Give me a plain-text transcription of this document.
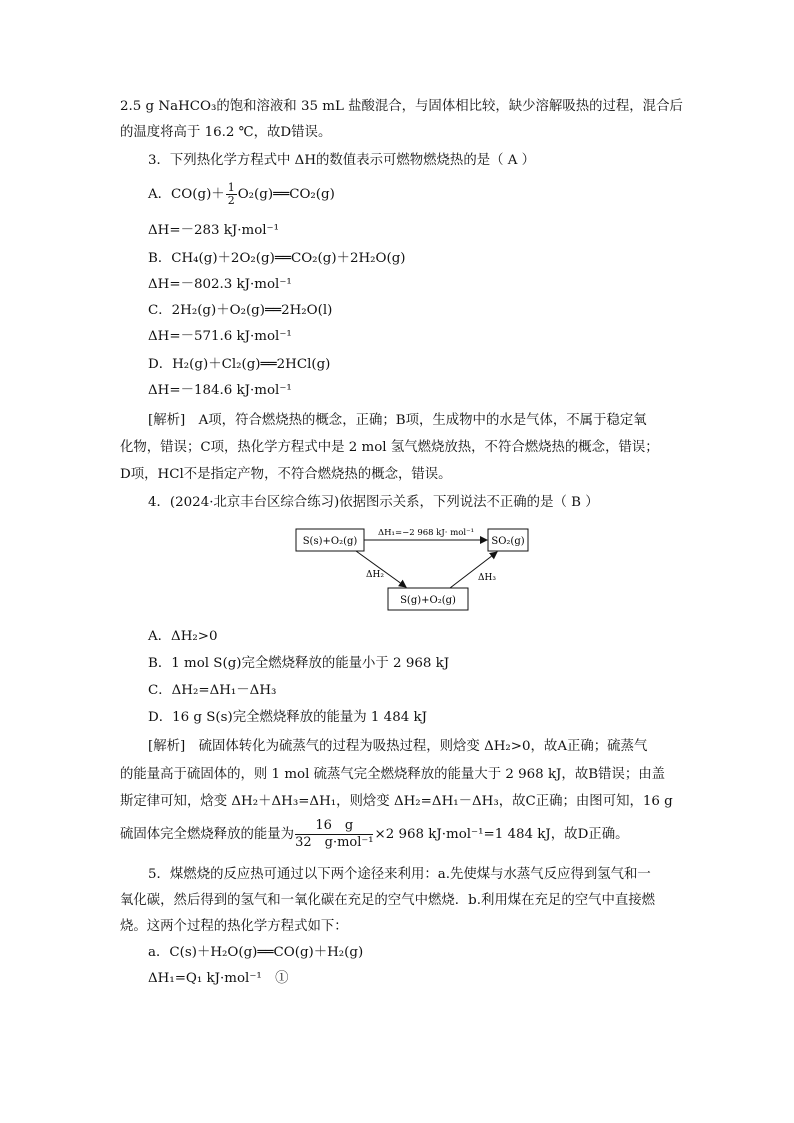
2.5 g NaHCO₃的饱和溶液和 35 mL 盐酸混合，与固体相比较，缺少溶解吸热的过程，混合后
的温度将高于 16.2 ℃，故D错误。
3．下列热化学方程式中 ΔH的数值表示可燃物燃烧热的是（ A ）
A．$CO(g)+ \frac{1}{2}$ O₂(g)══CO₂(g)
ΔH=－283 kJ·mol⁻¹
B．CH₄(g)＋2O₂(g)══CO₂(g)＋2H₂O(g)
ΔH=－802.3 kJ·mol⁻¹
C．2H₂(g)＋O₂(g)══2H₂O(l)
ΔH=－571.6 kJ·mol⁻¹
D．H₂(g)＋Cl₂(g)══2HCl(g)
ΔH=－184.6 kJ·mol⁻¹
[解析]　A项，符合燃烧热的概念，正确；B项，生成物中的水是气体，不属于稳定氧
化物，错误；C项，热化学方程式中是 2 mol 氢气燃烧放热，不符合燃烧热的概念，错误；
D项，HCl不是指定产物，不符合燃烧热的概念，错误。
4．(2024·北京丰台区综合练习)依据图示关系，下列说法不正确的是（ B ）
S(s)+O₂(g)	SO₂(g)
S(g)+O₂(g)
ΔH₁=−2 968 kJ· mol⁻¹
ΔH₂	ΔH₃
A．ΔH₂>0
B．1 mol S(g)完全燃烧释放的能量小于 2 968 kJ
C．ΔH₂=ΔH₁－ΔH₃
D．16 g S(s)完全燃烧释放的能量为 1 484 kJ
[解析]　硫固体转化为硫蒸气的过程为吸热过程，则焓变 ΔH₂>0，故A正确；硫蒸气
的能量高于硫固体的，则 1 mol 硫蒸气完全燃烧释放的能量大于 2 968 kJ，故B错误；由盖
斯定律可知，焓变 ΔH₂＋ΔH₃=ΔH₁，则焓变 ΔH₂=ΔH₁－ΔH₃，故C正确；由图可知，16 g
硫固体完全燃烧释放的能量为 $\frac{16 g}{\text{32　g·mol⁻¹}} \times 2$ 968 kJ·mol⁻¹=1 484 kJ，故D正确。
5．煤燃烧的反应热可通过以下两个途径来利用：a.先使煤与水蒸气反应得到氢气和一
氧化碳，然后得到的氢气和一氧化碳在充足的空气中燃烧．b.利用煤在充足的空气中直接燃
烧。这两个过程的热化学方程式如下：
a．C(s)＋H₂O(g)══CO(g)＋H₂(g)
ΔH₁=Q₁ kJ·mol⁻¹　①
